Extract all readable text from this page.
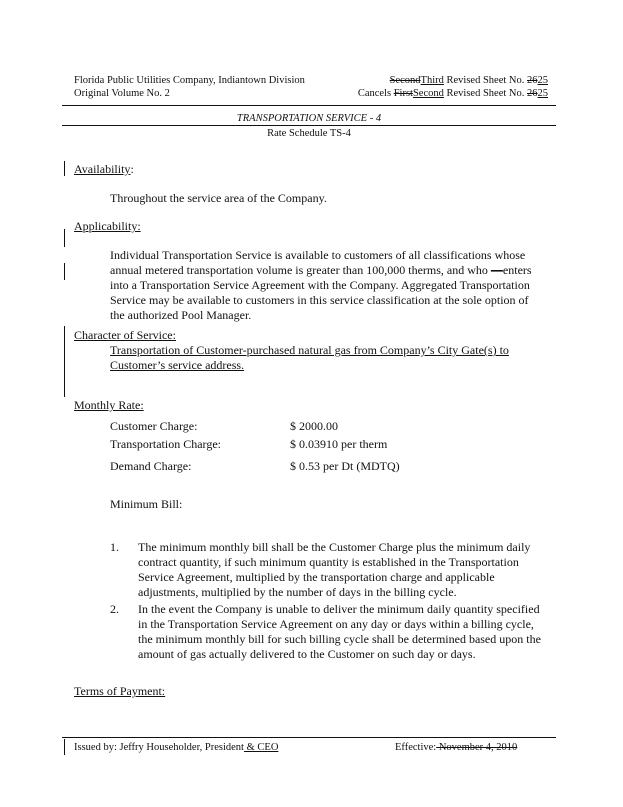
Florida Public Utilities Company, Indiantown Division
Original Volume No. 2
SecondThird Revised Sheet No. 2625
Cancels FirstSecond Revised Sheet No. 2625
TRANSPORTATION SERVICE - 4
Rate Schedule TS-4
Availability:
Throughout the service area of the Company.
Applicability:
Individual Transportation Service is available to customers of all classifications whose
annual metered transportation volume is greater than 100,000 therms, and who —enters
into a Transportation Service Agreement with the Company. Aggregated Transportation
Service may be available to customers in this service classification at the sole option of
the authorized Pool Manager.
Character of Service:
Transportation of Customer-purchased natural gas from Company’s City Gate(s) to
Customer’s service address.
Monthly Rate:
Customer Charge:	$ 2000.00
Transportation Charge:	$ 0.03910 per therm
Demand Charge:	$ 0.53 per Dt (MDTQ)
Minimum Bill:
1. The minimum monthly bill shall be the Customer Charge plus the minimum daily
contract quantity, if such minimum quantity is established in the Transportation
Service Agreement, multiplied by the transportation charge and applicable
adjustments, multiplied by the number of days in the billing cycle.
2. In the event the Company is unable to deliver the minimum daily quantity specified
in the Transportation Service Agreement on any day or days within a billing cycle,
the minimum monthly bill for such billing cycle shall be determined based upon the
amount of gas actually delivered to the Customer on such day or days.
Terms of Payment:
Issued by: Jeffry Householder, President & CEO	Effective: November 4, 2010
